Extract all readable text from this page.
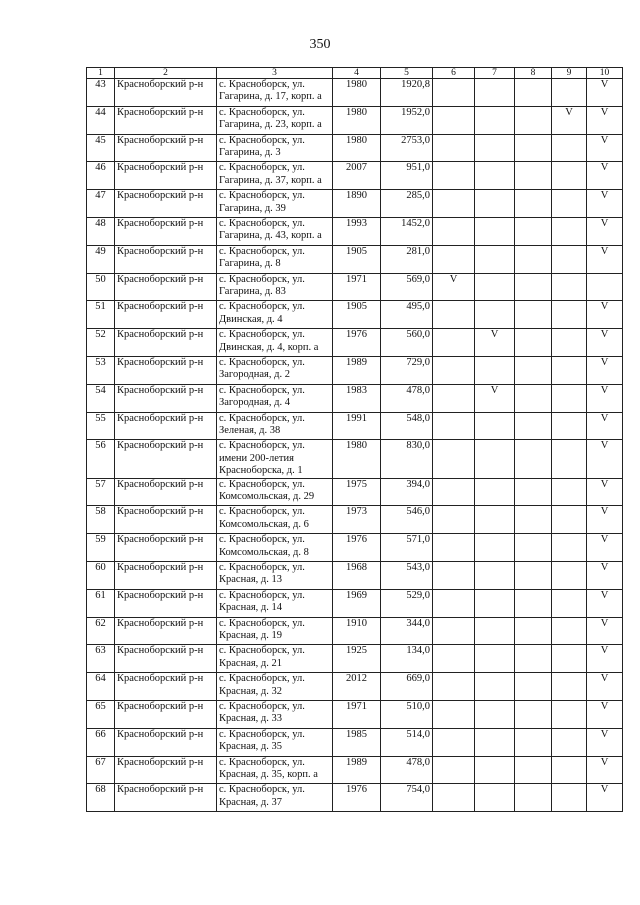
350
1	2	3	4	5	6	7	8	9	10
43	Красноборский р-н	с. Красноборск, ул. Гагарина, д. 17, корп. а	1980	1920,8					V
44	Красноборский р-н	с. Красноборск, ул. Гагарина, д. 23, корп. а	1980	1952,0				V	V
45	Красноборский р-н	с. Красноборск, ул. Гагарина, д. 3	1980	2753,0					V
46	Красноборский р-н	с. Красноборск, ул. Гагарина, д. 37, корп. а	2007	951,0					V
47	Красноборский р-н	с. Красноборск, ул. Гагарина, д. 39	1890	285,0					V
48	Красноборский р-н	с. Красноборск, ул. Гагарина, д. 43, корп. а	1993	1452,0					V
49	Красноборский р-н	с. Красноборск, ул. Гагарина, д. 8	1905	281,0					V
50	Красноборский р-н	с. Красноборск, ул. Гагарина, д. 83	1971	569,0	V				
51	Красноборский р-н	с. Красноборск, ул. Двинская, д. 4	1905	495,0					V
52	Красноборский р-н	с. Красноборск, ул. Двинская, д. 4, корп. а	1976	560,0		V			V
53	Красноборский р-н	с. Красноборск, ул. Загородная, д. 2	1989	729,0					V
54	Красноборский р-н	с. Красноборск, ул. Загородная, д. 4	1983	478,0		V			V
55	Красноборский р-н	с. Красноборск, ул. Зеленая, д. 38	1991	548,0					V
56	Красноборский р-н	с. Красноборск, ул. имени 200-летия Красноборска, д. 1	1980	830,0					V
57	Красноборский р-н	с. Красноборск, ул. Комсомольская, д. 29	1975	394,0					V
58	Красноборский р-н	с. Красноборск, ул. Комсомольская, д. 6	1973	546,0					V
59	Красноборский р-н	с. Красноборск, ул. Комсомольская, д. 8	1976	571,0					V
60	Красноборский р-н	с. Красноборск, ул. Красная, д. 13	1968	543,0					V
61	Красноборский р-н	с. Красноборск, ул. Красная, д. 14	1969	529,0					V
62	Красноборский р-н	с. Красноборск, ул. Красная, д. 19	1910	344,0					V
63	Красноборский р-н	с. Красноборск, ул. Красная, д. 21	1925	134,0					V
64	Красноборский р-н	с. Красноборск, ул. Красная, д. 32	2012	669,0					V
65	Красноборский р-н	с. Красноборск, ул. Красная, д. 33	1971	510,0					V
66	Красноборский р-н	с. Красноборск, ул. Красная, д. 35	1985	514,0					V
67	Красноборский р-н	с. Красноборск, ул. Красная, д. 35, корп. а	1989	478,0					V
68	Красноборский р-н	с. Красноборск, ул. Красная, д. 37	1976	754,0					V
